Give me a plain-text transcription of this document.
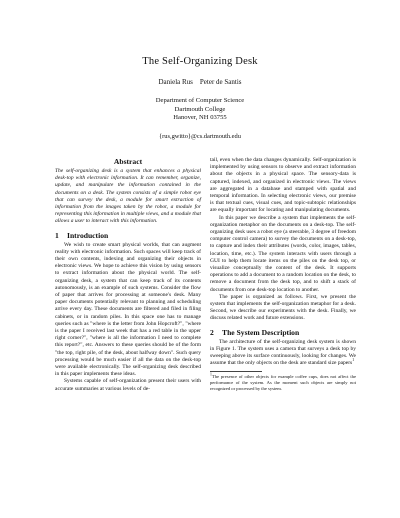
The Self-Organizing Desk
Daniela Rus    Peter de Santis
Department of Computer Science
Dartmouth College
Hanover, NH 03755
{rus,gwitto}@cs.dartmouth.edu
Abstract

The self-organizing desk is a system that enhances a physical desk-top with electronic information. It can remember, organize, update, and manipulate the information contained in the documents on a desk. The system consists of a simple robot eye that can survey the desk, a module for smart extraction of information from the images taken by the robot, a module for representing this information in multiple views, and a module that allows a user to interact with this information.

1 Introduction

We wish to create smart physical worlds, that can augment reality with electronic information. Such spaces will keep track of their own contents, indexing and organizing their objects in electronic views. We hope to achieve this vision by using sensors to extract information about the physical world. The self-organizing desk, a system that can keep track of its contents autonomously, is an example of such systems. Consider the flow of paper that arrives for processing at someone's desk. Many paper documents potentially relevant to planning and scheduling arrive every day. These documents are filtered and filed in filing cabinets, or in random piles. In this space one has to manage queries such as "where is the letter from John Hopcroft?", "where is the paper I received last week that has a red table in the upper right corner?", "where is all the information I need to complete this report?", etc. Answers to these queries should be of the form "the top, right pile, of the desk, about halfway down". Such query processing would be much easier if all the data on the desk-top were available electronically. The self-organizing desk described in this paper implements these ideas.

Systems capable of self-organization present their users with accurate summaries at various levels of de-

tail, even when the data changes dynamically. Self-organization is implemented by using sensors to observe and extract information about the objects in a physical space. The sensory-data is captured, indexed, and organized in electronic views. The views are aggregated in a database and stamped with spatial and temporal information. In selecting electronic views, our premise is that textual cues, visual cues, and topic-subtopic relationships are equally important for locating and manipulating documents.

In this paper we describe a system that implements the self-organization metaphor on the documents on a desk-top. The self-organizing desk uses a robot eye (a steerable, 3 degree of freedom computer control camera) to survey the documents on a desk-top, to capture and index their attributes (words, color, images, tables, location, time, etc.). The system interacts with users through a GUI to help them locate items on the piles on the desk top, or visualize conceptually the content of the desk. It supports operations to add a document to a random location on the desk, to remove a document from the desk top, and to shift a stack of documents from one desk-top location to another.

The paper is organized as follows. First, we present the system that implements the self-organization metaphor for a desk. Second, we describe our experiments with the desk. Finally, we discuss related work and future extensions.

2 The System Description

The architecture of the self-organizing desk system is shown in Figure 1. The system uses a camera that surveys a desk top by sweeping above its surface continuously, looking for changes. We assume that the only objects on the desk are standard size papers$^1$

$^1$The presence of other objects for example coffee cups, does not affect the performance of the system. As the moment such objects are simply not recognized or processed by the system.
